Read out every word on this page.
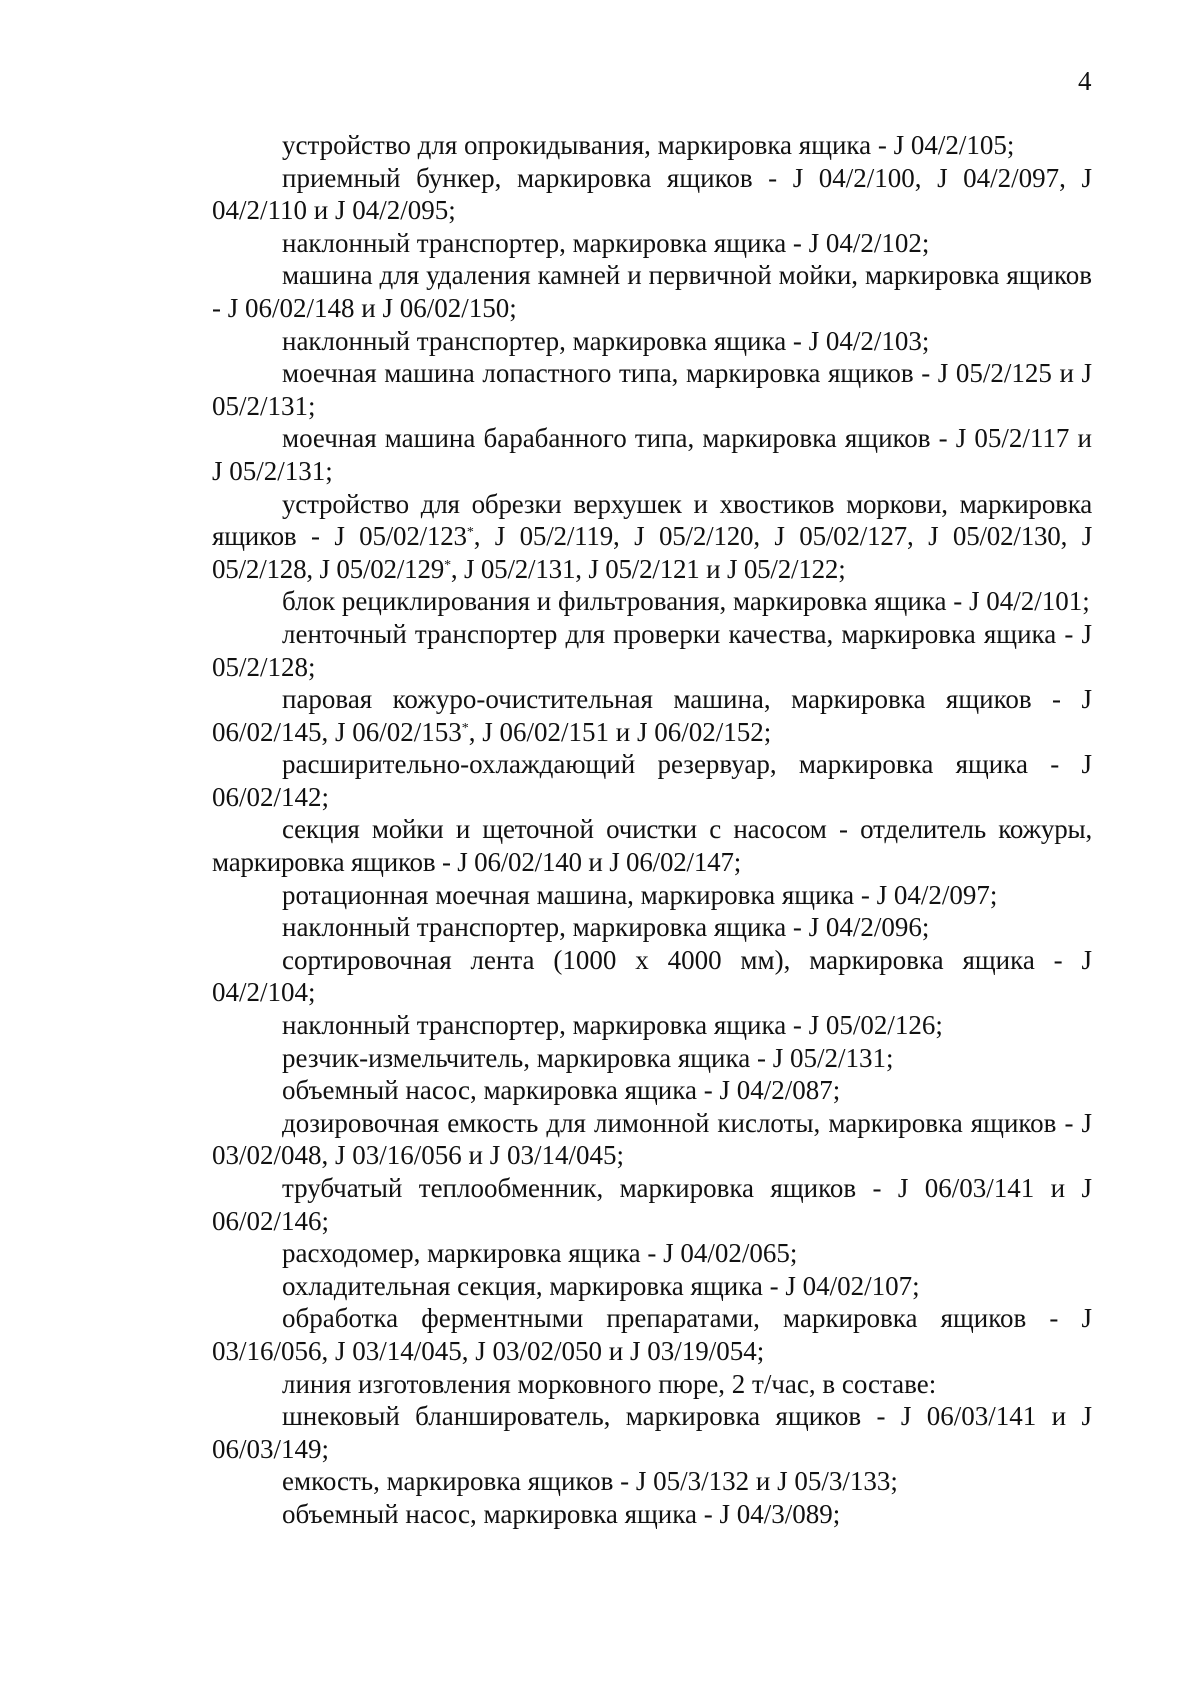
4

устройство для опрокидывания, маркировка ящика - J 04/2/105;

приемный бункер, маркировка ящиков - J 04/2/100, J 04/2/097, J 04/2/110 и J 04/2/095;

наклонный транспортер, маркировка ящика - J 04/2/102;

машина для удаления камней и первичной мойки, маркировка ящиков - J 06/02/148 и J 06/02/150;

наклонный транспортер, маркировка ящика - J 04/2/103;

моечная машина лопастного типа, маркировка ящиков - J 05/2/125 и J 05/2/131;

моечная машина барабанного типа, маркировка ящиков - J 05/2/117 и J 05/2/131;

устройство для обрезки верхушек и хвостиков моркови, маркировка ящиков - J 05/02/123*, J 05/2/119, J 05/2/120, J 05/02/127, J 05/02/130, J 05/2/128, J 05/02/129*, J 05/2/131, J 05/2/121 и J 05/2/122;

блок рециклирования и фильтрования, маркировка ящика - J 04/2/101;

ленточный транспортер для проверки качества, маркировка ящика - J 05/2/128;

паровая кожуро-очистительная машина, маркировка ящиков - J 06/02/145, J 06/02/153*, J 06/02/151 и J 06/02/152;

расширительно-охлаждающий резервуар, маркировка ящика - J 06/02/142;

секция мойки и щеточной очистки с насосом - отделитель кожуры, маркировка ящиков - J 06/02/140 и J 06/02/147;

ротационная моечная машина, маркировка ящика - J 04/2/097;

наклонный транспортер, маркировка ящика - J 04/2/096;

сортировочная лента (1000 х 4000 мм), маркировка ящика - J 04/2/104;

наклонный транспортер, маркировка ящика - J 05/02/126;

резчик-измельчитель, маркировка ящика - J 05/2/131;

объемный насос, маркировка ящика - J 04/2/087;

дозировочная емкость для лимонной кислоты, маркировка ящиков - J 03/02/048, J 03/16/056 и J 03/14/045;

трубчатый теплообменник, маркировка ящиков - J 06/03/141 и J 06/02/146;

расходомер, маркировка ящика - J 04/02/065;

охладительная секция, маркировка ящика - J 04/02/107;

обработка ферментными препаратами, маркировка ящиков - J 03/16/056, J 03/14/045, J 03/02/050 и J 03/19/054;

линия изготовления морковного пюре, 2 т/час, в составе:

шнековый бланширователь, маркировка ящиков - J 06/03/141 и J 06/03/149;

емкость, маркировка ящиков - J 05/3/132 и J 05/3/133;

объемный насос, маркировка ящика - J 04/3/089;
